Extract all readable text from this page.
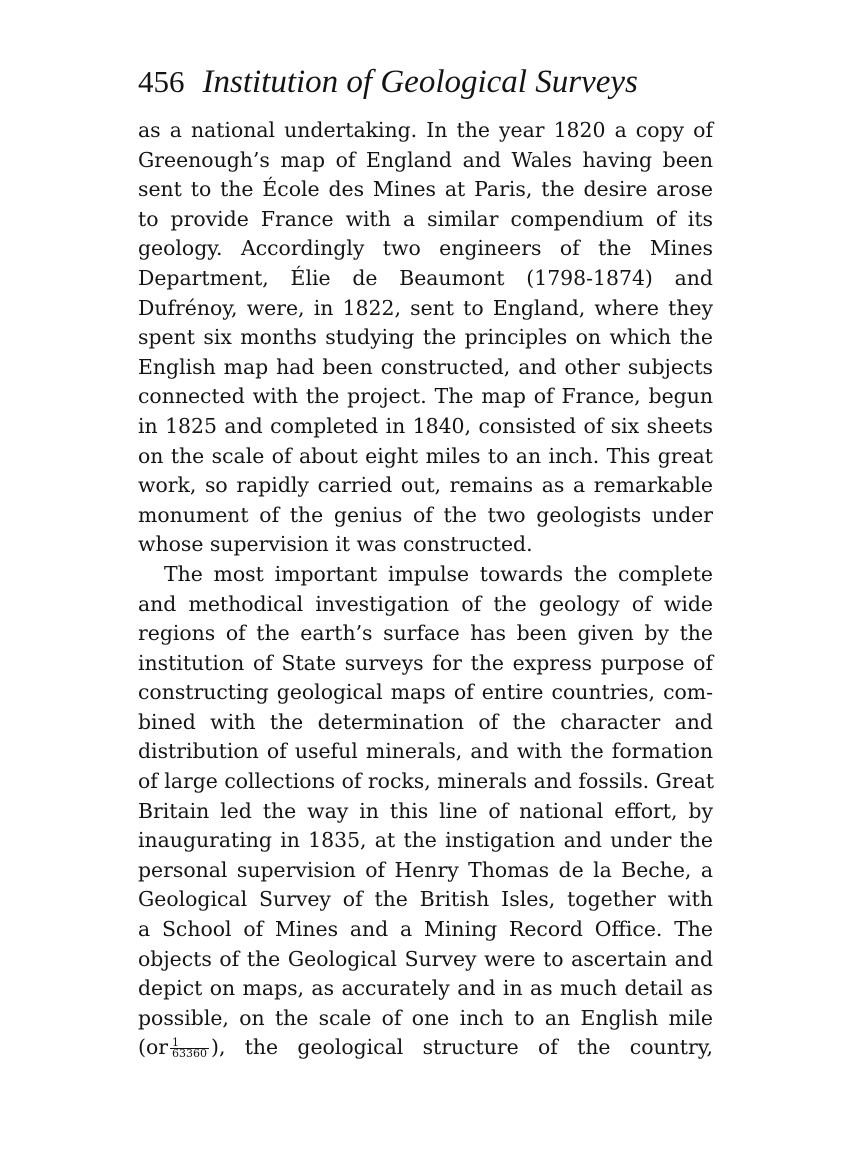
456 Institution of Geological Surveys
as a national undertaking. In the year 1820 a copy of
Greenough’s map of England and Wales having been
sent to the École des Mines at Paris, the desire arose
to provide France with a similar compendium of its
geology. Accordingly two engineers of the Mines
Department, Élie de Beaumont (1798-1874) and
Dufrénoy, were, in 1822, sent to England, where they
spent six months studying the principles on which the
English map had been constructed, and other subjects
connected with the project. The map of France, begun
in 1825 and completed in 1840, consisted of six sheets
on the scale of about eight miles to an inch. This great
work, so rapidly carried out, remains as a remarkable
monument of the genius of the two geologists under
whose supervision it was constructed.
The most important impulse towards the complete
and methodical investigation of the geology of wide
regions of the earth’s surface has been given by the
institution of State surveys for the express purpose of
constructing geological maps of entire countries, com-
bined with the determination of the character and
distribution of useful minerals, and with the formation
of large collections of rocks, minerals and fossils. Great
Britain led the way in this line of national effort, by
inaugurating in 1835, at the instigation and under the
personal supervision of Henry Thomas de la Beche, a
Geological Survey of the British Isles, together with
a School of Mines and a Mining Record Office. The
objects of the Geological Survey were to ascertain and
depict on maps, as accurately and in as much detail as
possible, on the scale of one inch to an English mile
($or \frac{1}{63360}$ ), the geological structure of the country,
